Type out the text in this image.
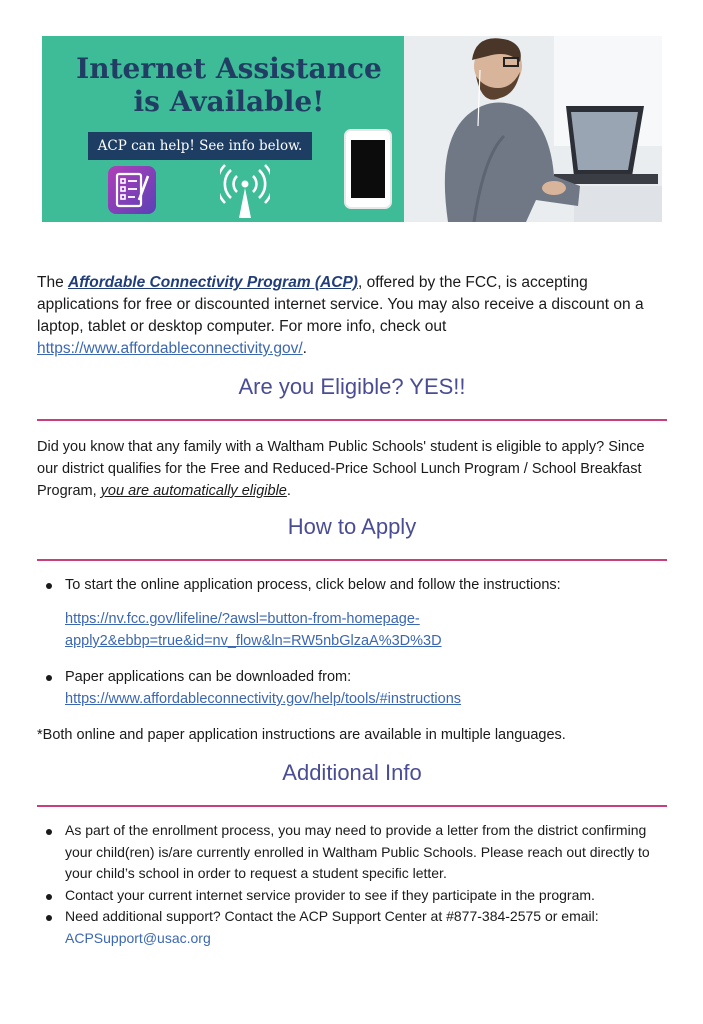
Internet Assistance
is Available!
ACP can help! See info below.

The Affordable Connectivity Program (ACP), offered by the FCC, is accepting applications for free or discounted internet service. You may also receive a discount on a laptop, tablet or desktop computer. For more info, check out https://www.affordableconnectivity.gov/.

Are you Eligible? YES!!

Did you know that any family with a Waltham Public Schools' student is eligible to apply? Since our district qualifies for the Free and Reduced-Price School Lunch Program / School Breakfast Program, you are automatically eligible.

How to Apply
To start the online application process, click below and follow the instructions:
https://nv.fcc.gov/lifeline/?awsl=button-from-homepage-apply2&ebbp=true&id=nv_flow&ln=RW5nbGlzaA%3D%3D
Paper applications can be downloaded from:
https://www.affordableconnectivity.gov/help/tools/#instructions

*Both online and paper application instructions are available in multiple languages.

Additional Info
As part of the enrollment process, you may need to provide a letter from the district confirming your child(ren) is/are currently enrolled in Waltham Public Schools. Please reach out directly to your child’s school in order to request a student specific letter.
Contact your current internet service provider to see if they participate in the program.
Need additional support? Contact the ACP Support Center at #877-384-2575 or email: ACPSupport@usac.org
